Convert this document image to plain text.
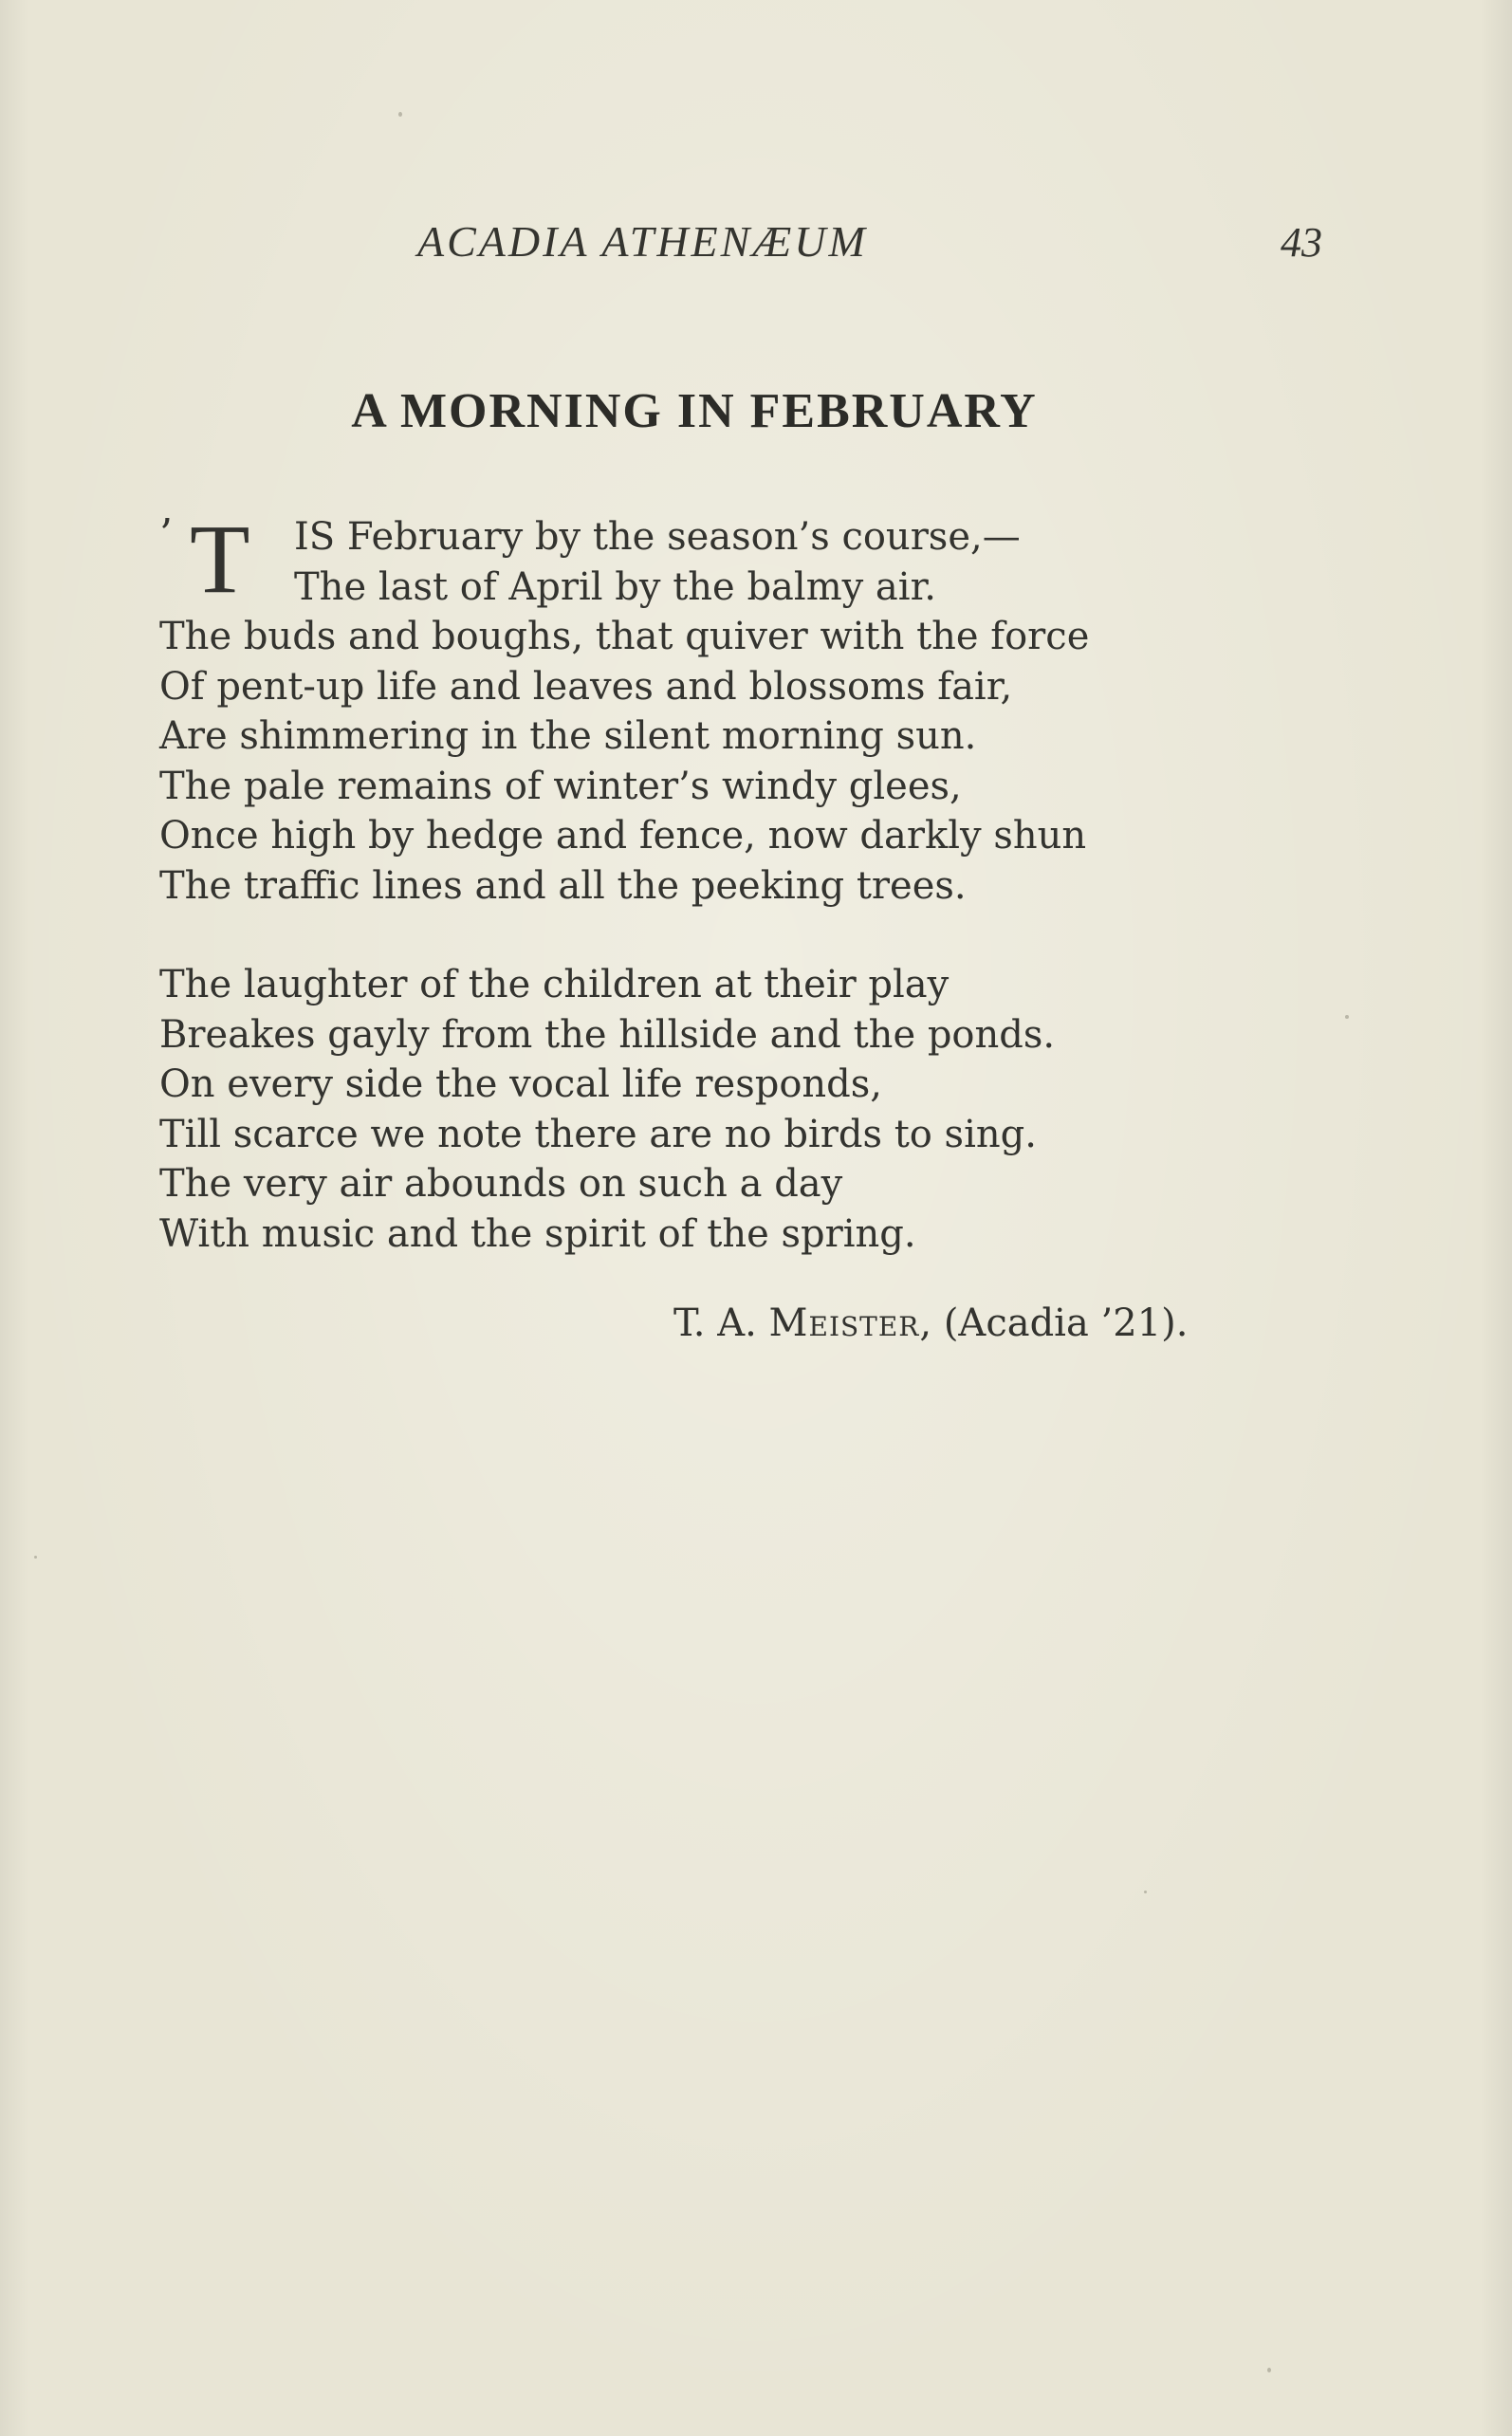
ACADIA ATHENÆUM	43
A MORNING IN FEBRUARY
’ T IS February by the season’s course,—
The last of April by the balmy air.
The buds and boughs, that quiver with the force
Of pent-up life and leaves and blossoms fair,
Are shimmering in the silent morning sun.
The pale remains of winter’s windy glees,
Once high by hedge and fence, now darkly shun
The traffic lines and all the peeking trees.
The laughter of the children at their play
Breakes gayly from the hillside and the ponds.
On every side the vocal life responds,
Till scarce we note there are no birds to sing.
The very air abounds on such a day
With music and the spirit of the spring.
T. A. Meister, (Acadia ’21).
